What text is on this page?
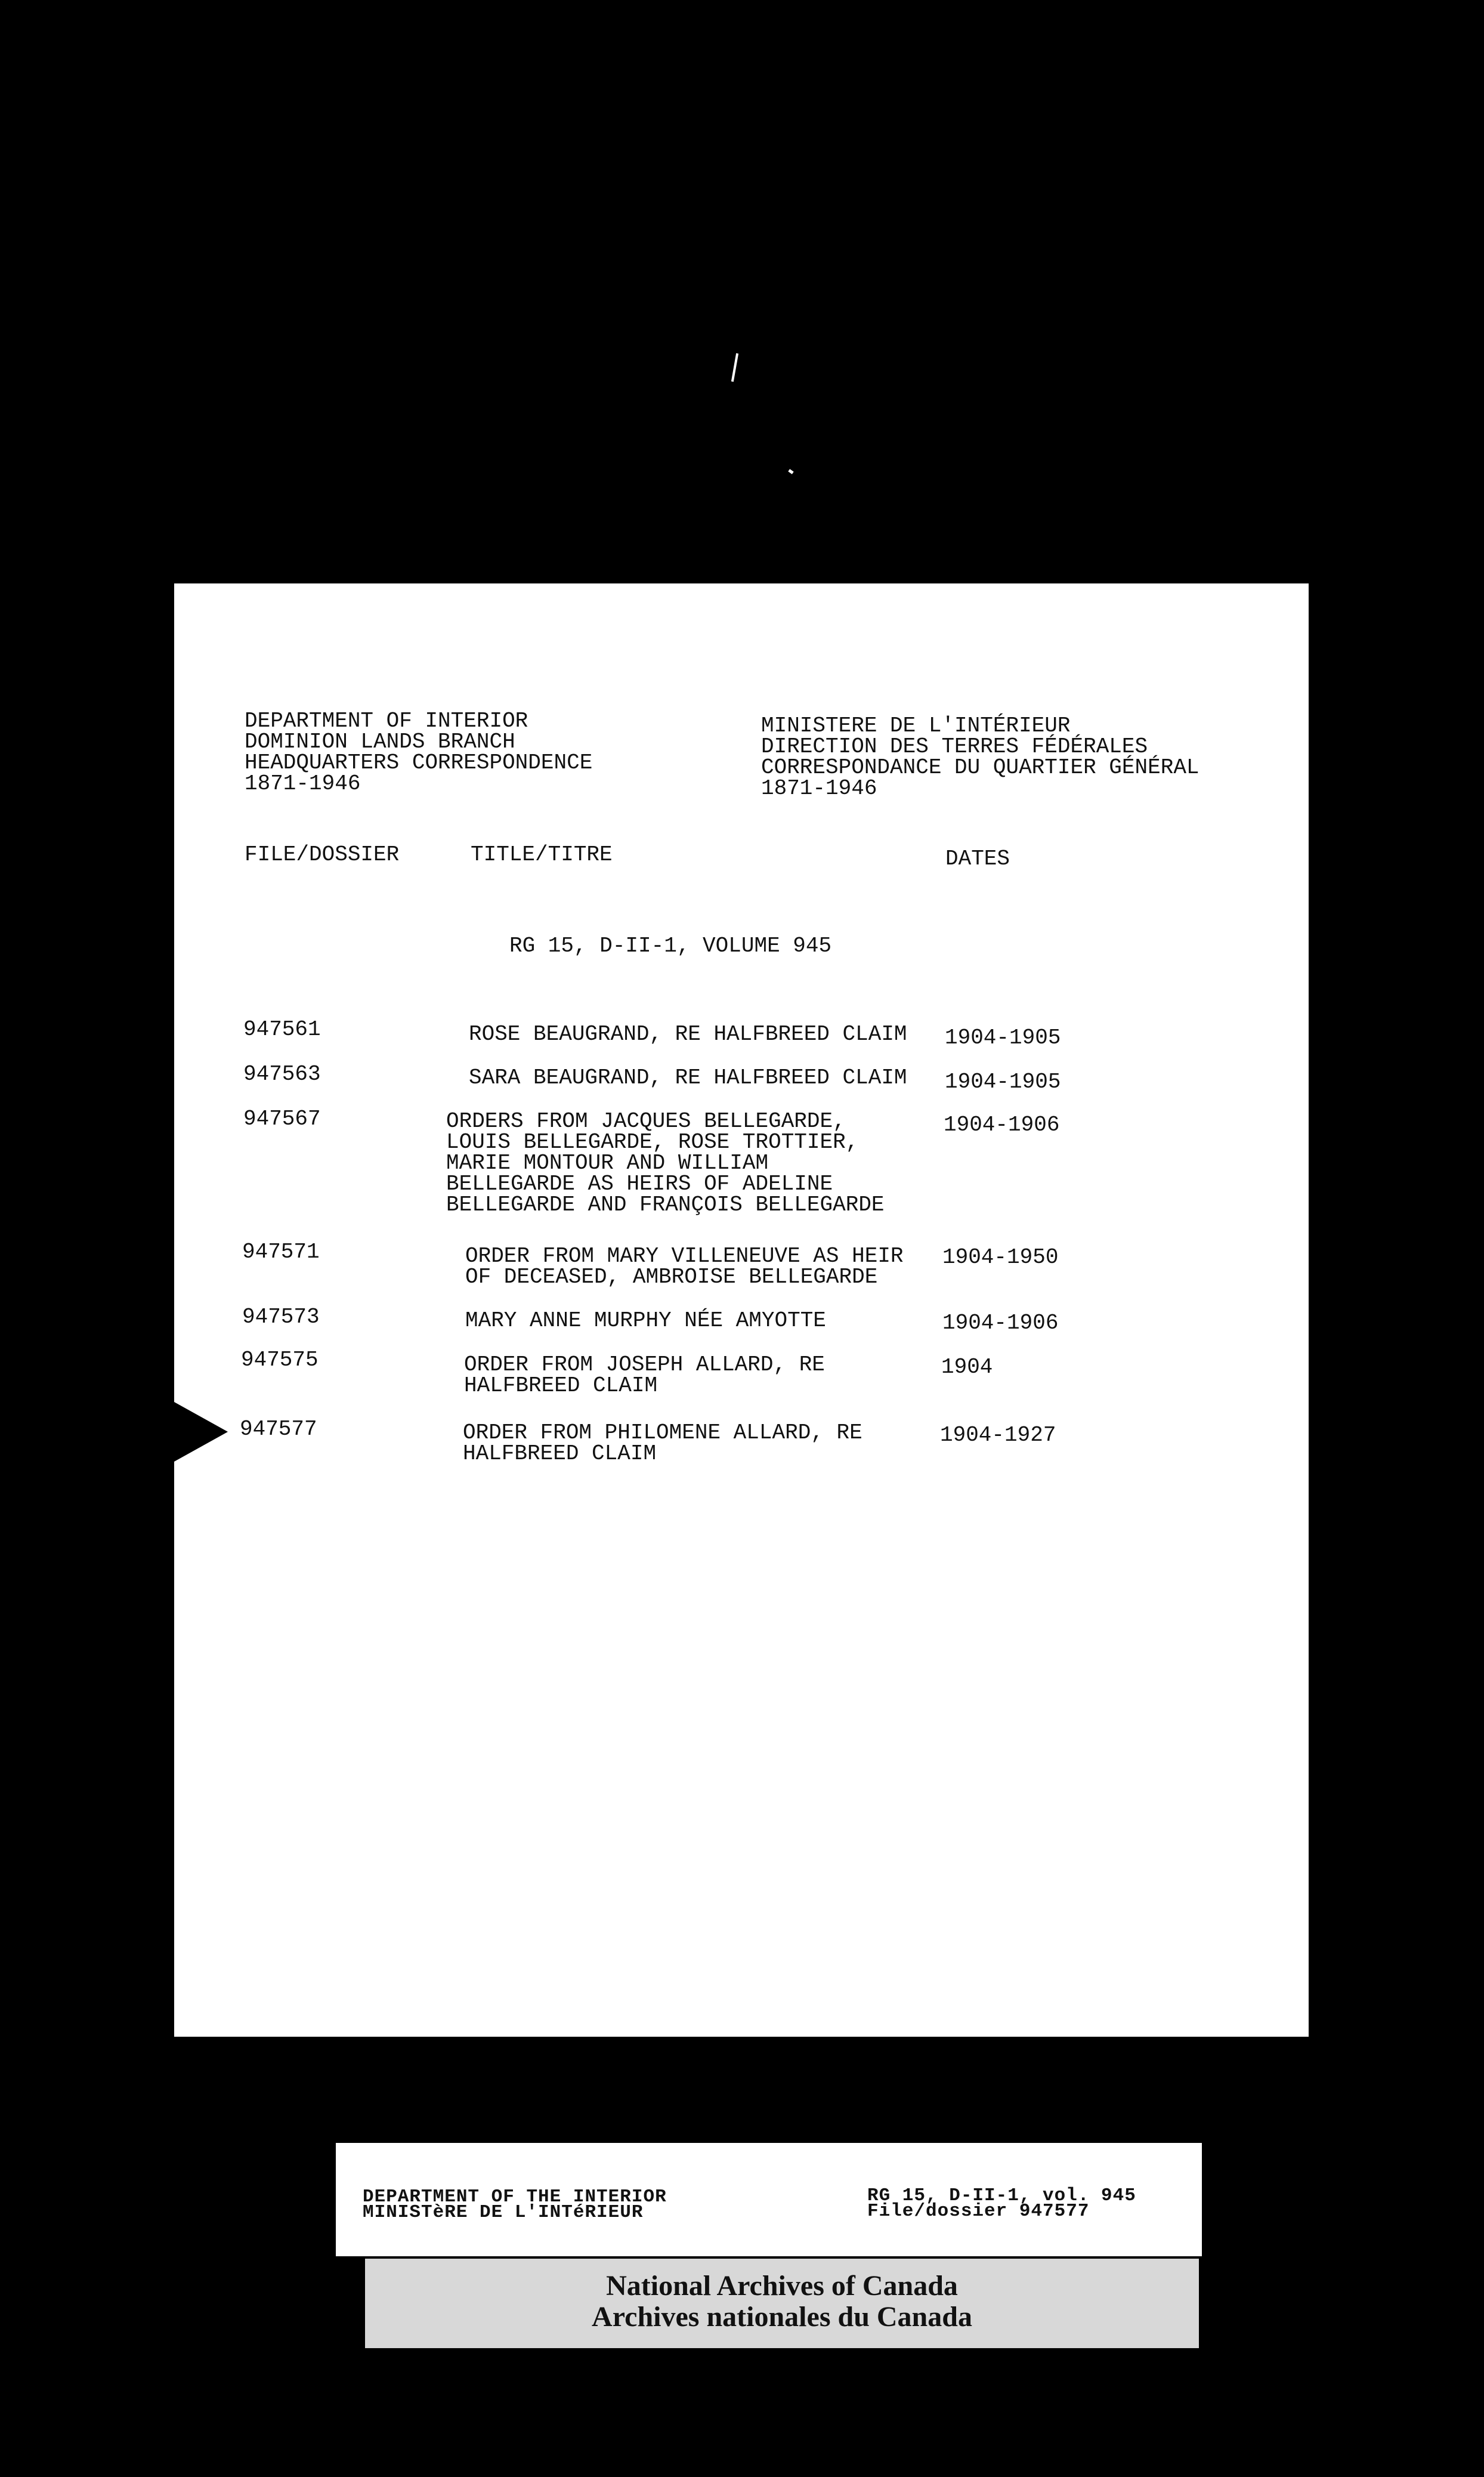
DEPARTMENT OF INTERIOR
DOMINION LANDS BRANCH
HEADQUARTERS CORRESPONDENCE
1871-1946
MINISTERE DE L'INTÉRIEUR
DIRECTION DES TERRES FÉDÉRALES
CORRESPONDANCE DU QUARTIER GÉNÉRAL
1871-1946
FILE/DOSSIER	TITLE/TITRE	DATES
RG 15, D-II-1, VOLUME 945
947561	ROSE BEAUGRAND, RE HALFBREED CLAIM 1904-1905
947563	SARA BEAUGRAND, RE HALFBREED CLAIM 1904-1905
947567	ORDERS FROM JACQUES BELLEGARDE,
LOUIS BELLEGARDE, ROSE TROTTIER,
MARIE MONTOUR AND WILLIAM
BELLEGARDE AS HEIRS OF ADELINE
BELLEGARDE AND FRANÇOIS BELLEGARDE
1904-1906
947571	ORDER FROM MARY VILLENEUVE AS HEIR
OF DECEASED, AMBROISE BELLEGARDE
1904-1950
947573	MARY ANNE MURPHY NÉE AMYOTTE	1904-1906
947575	ORDER FROM JOSEPH ALLARD, RE
HALFBREED CLAIM
1904
947577	ORDER FROM PHILOMENE ALLARD, RE
HALFBREED CLAIM
1904-1927
DEPARTMENT OF THE INTERIOR
MINISTèRE DE L'INTéRIEUR
RG 15, D-II-1, vol. 945
File/dossier 947577
National Archives of Canada
Archives nationales du Canada
